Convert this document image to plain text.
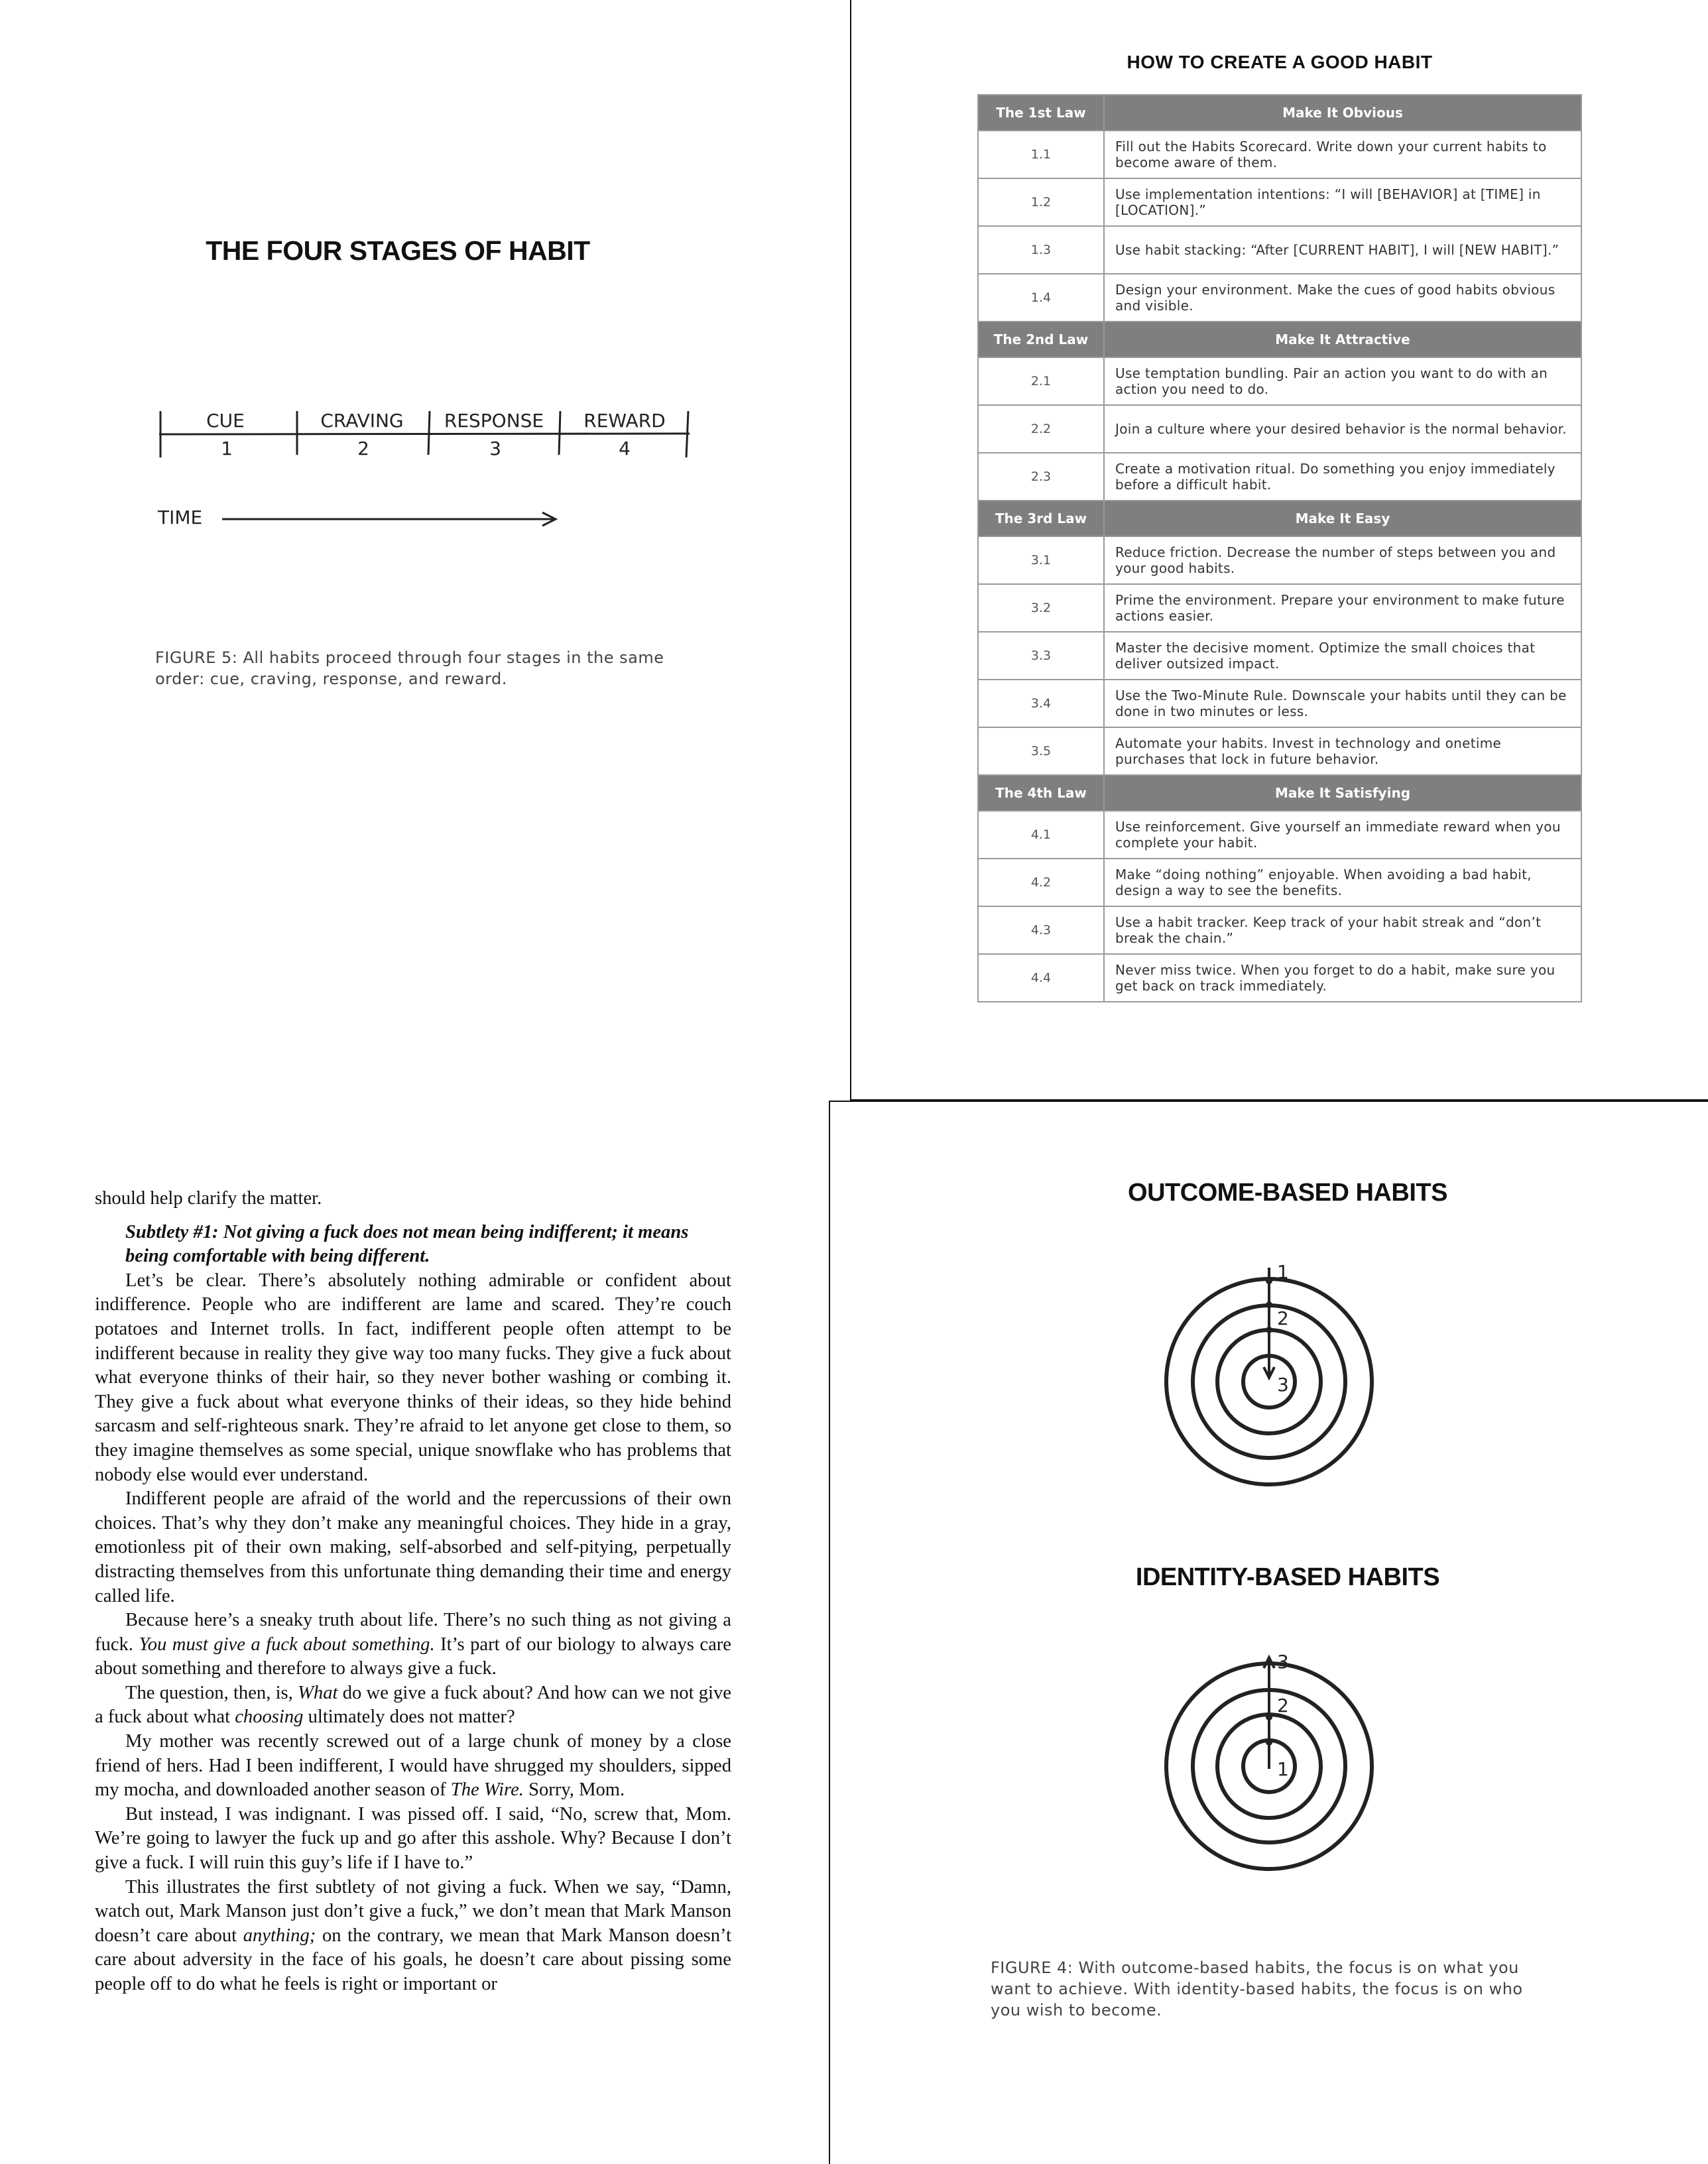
THE FOUR STAGES OF HABIT
CUE	CRAVING RESPONSE REWARD
1	2	3	4
TIME
FIGURE 5: All habits proceed through four stages in the same order: cue, craving, response, and reward.
HOW TO CREATE A GOOD HABIT
The 1st Law	Make It Obvious
1.1	Fill out the Habits Scorecard. Write down your current habits to become aware of them.
1.2	Use implementation intentions: “I will [BEHAVIOR] at [TIME] in [LOCATION].”
1.3	Use habit stacking: “After [CURRENT HABIT], I will [NEW HABIT].”
1.4	Design your environment. Make the cues of good habits obvious and visible.
The 2nd Law	Make It Attractive
2.1	Use temptation bundling. Pair an action you want to do with an action you need to do.
2.2	Join a culture where your desired behavior is the normal behavior.
2.3	Create a motivation ritual. Do something you enjoy immediately before a difficult habit.
The 3rd Law	Make It Easy
3.1	Reduce friction. Decrease the number of steps between you and your good habits.
3.2	Prime the environment. Prepare your environment to make future actions easier.
3.3	Master the decisive moment. Optimize the small choices that deliver outsized impact.
3.4	Use the Two-Minute Rule. Downscale your habits until they can be done in two minutes or less.
3.5	Automate your habits. Invest in technology and onetime purchases that lock in future behavior.
The 4th Law	Make It Satisfying
4.1	Use reinforcement. Give yourself an immediate reward when you complete your habit.
4.2	Make “doing nothing” enjoyable. When avoiding a bad habit, design a way to see the benefits.
4.3	Use a habit tracker. Keep track of your habit streak and “don’t break the chain.”
4.4	Never miss twice. When you forget to do a habit, make sure you get back on track immediately.

should help clarify the matter.

Subtlety #1: Not giving a fuck does not mean being indifferent; it means being comfortable with being different.

Let’s be clear. There’s absolutely nothing admirable or confident about indifference. People who are indifferent are lame and scared. They’re couch potatoes and Internet trolls. In fact, indifferent people often attempt to be indifferent because in reality they give way too many fucks. They give a fuck about what everyone thinks of their hair, so they never bother washing or combing it. They give a fuck about what everyone thinks of their ideas, so they hide behind sarcasm and self-righteous snark. They’re afraid to let anyone get close to them, so they imagine themselves as some special, unique snowflake who has problems that nobody else would ever understand.

Indifferent people are afraid of the world and the repercussions of their own choices. That’s why they don’t make any meaningful choices. They hide in a gray, emotionless pit of their own making, self-absorbed and self-pitying, perpetually distracting themselves from this unfortunate thing demanding their time and energy called life.

Because here’s a sneaky truth about life. There’s no such thing as not giving a fuck. You must give a fuck about something. It’s part of our biology to always care about something and therefore to always give a fuck.

The question, then, is, What do we give a fuck about? And how can we not give a fuck about what choosing ultimately does not matter?

My mother was recently screwed out of a large chunk of money by a close friend of hers. Had I been indifferent, I would have shrugged my shoulders, sipped my mocha, and downloaded another season of The Wire. Sorry, Mom.

But instead, I was indignant. I was pissed off. I said, “No, screw that, Mom. We’re going to lawyer the fuck up and go after this asshole. Why? Because I don’t give a fuck. I will ruin this guy’s life if I have to.”

This illustrates the first subtlety of not giving a fuck. When we say, “Damn, watch out, Mark Manson just don’t give a fuck,” we don’t mean that Mark Manson doesn’t care about anything; on the contrary, we mean that Mark Manson doesn’t care about adversity in the face of his goals, he doesn’t care about pissing some people off to do what he feels is right or important or

OUTCOME-BASED HABITS
1
2
3
IDENTITY-BASED HABITS
3
2
1
FIGURE 4: With outcome-based habits, the focus is on what you want to achieve. With identity-based habits, the focus is on who you wish to become.
